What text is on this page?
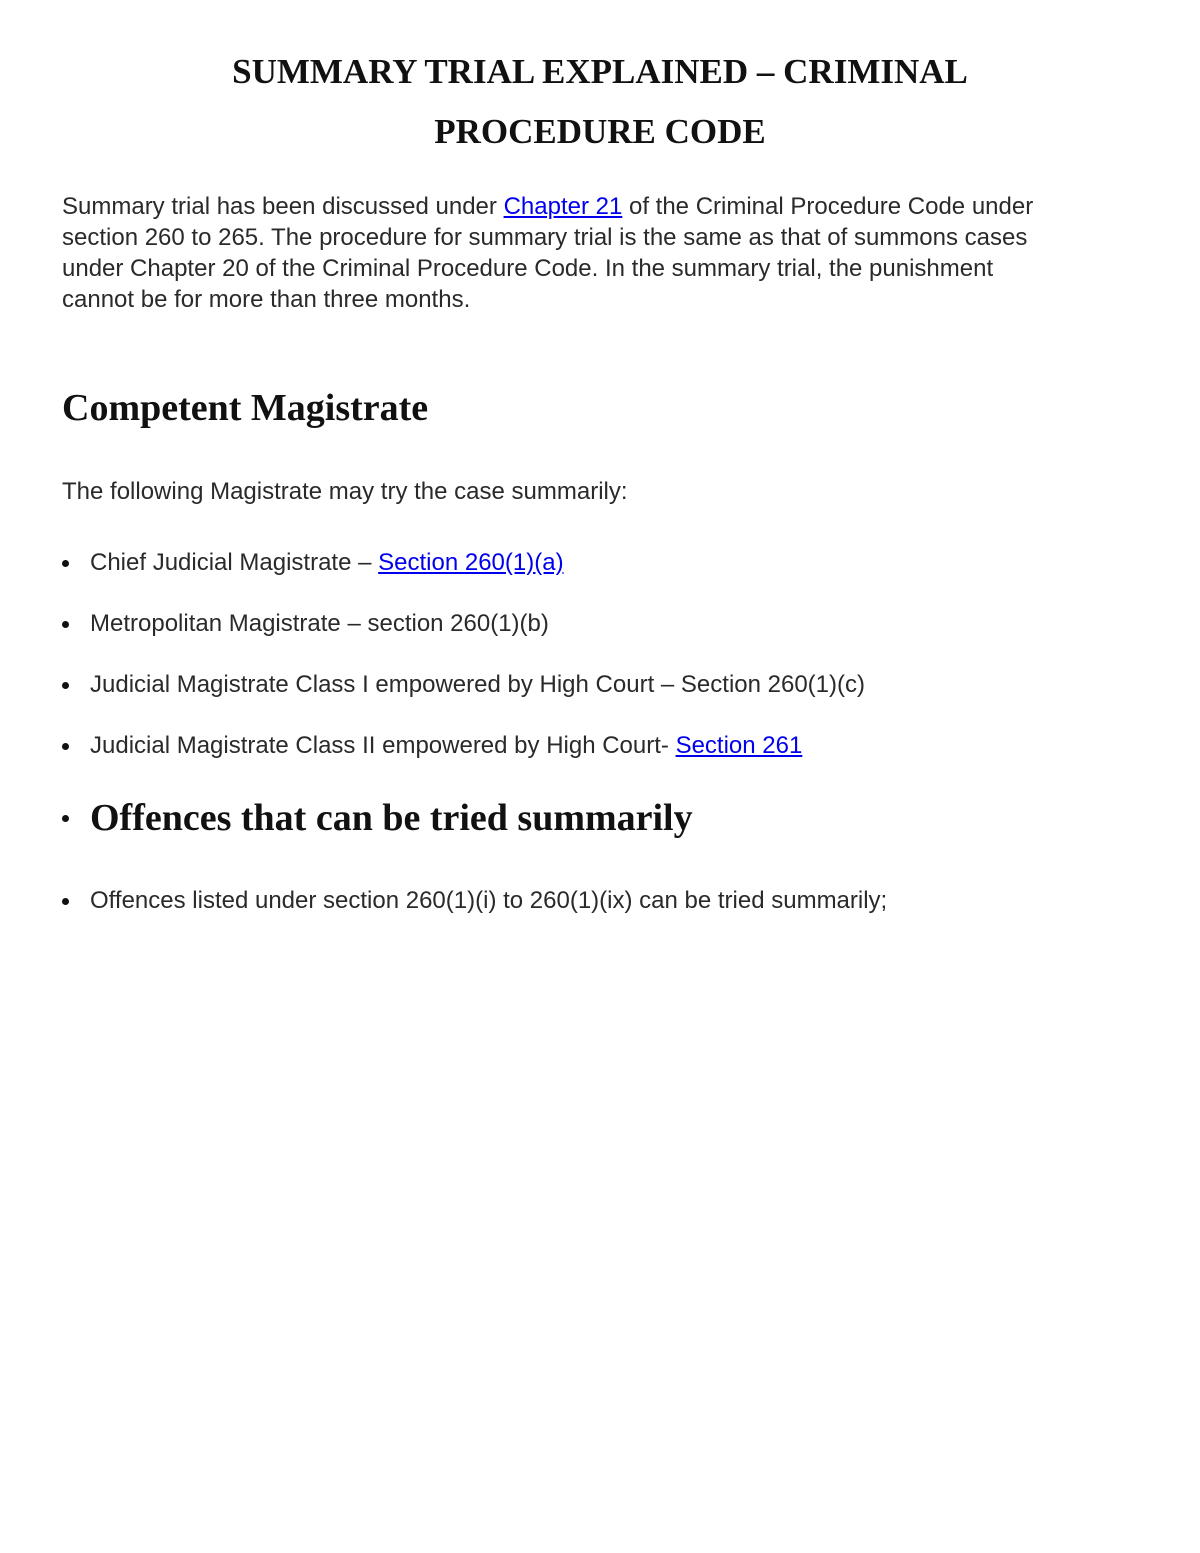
SUMMARY TRIAL EXPLAINED – CRIMINAL
PROCEDURE CODE

Summary trial has been discussed under Chapter 21 of the Criminal Procedure Code under
section 260 to 265. The procedure for summary trial is the same as that of summons cases
under Chapter 20 of the Criminal Procedure Code. In the summary trial, the punishment
cannot be for more than three months.

Competent Magistrate

The following Magistrate may try the case summarily:

Chief Judicial Magistrate – Section 260(1)(a)
Metropolitan Magistrate – section 260(1)(b)
Judicial Magistrate Class I empowered by High Court – Section 260(1)(c)
Judicial Magistrate Class II empowered by High Court- Section 261
Offences that can be tried summarily
Offences listed under section 260(1)(i) to 260(1)(ix) can be tried summarily;
